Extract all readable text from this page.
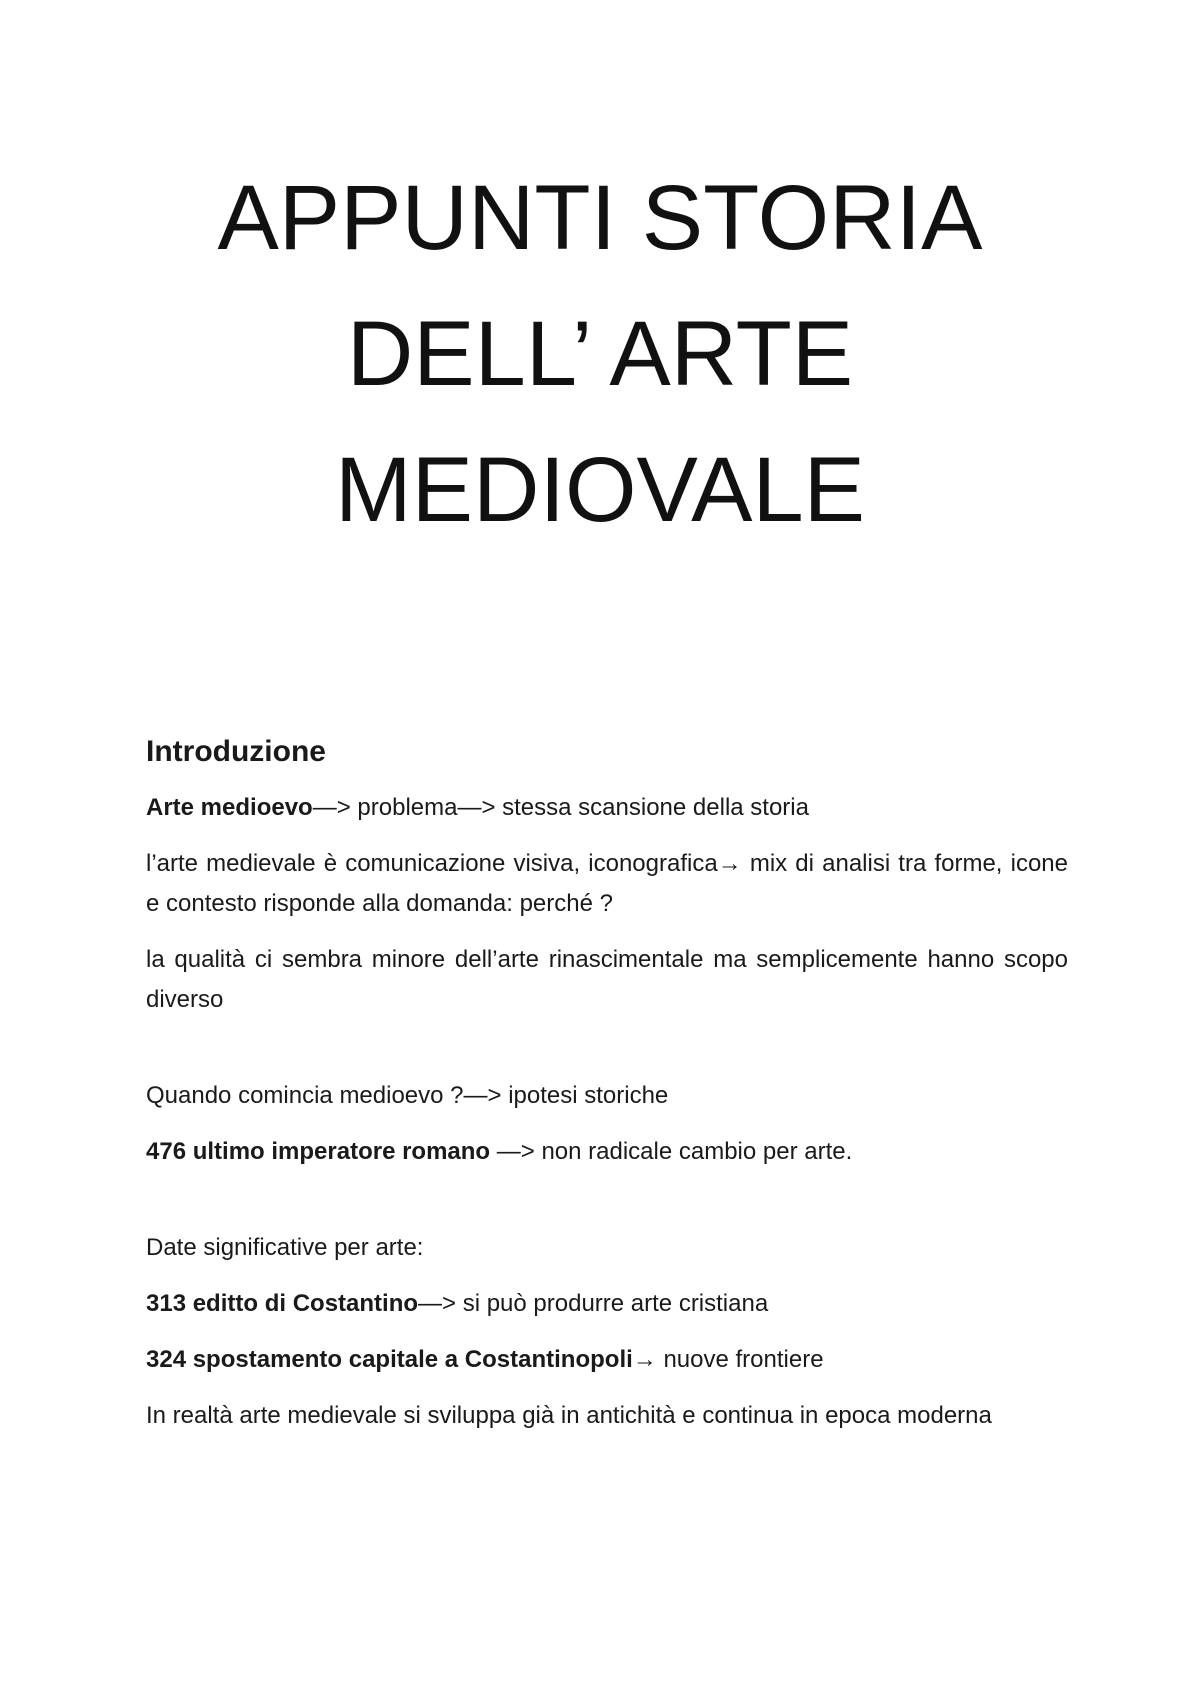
APPUNTI STORIA
DELL’ ARTE
MEDIOVALE
Introduzione

Arte medioevo—> problema—> stessa scansione della storia

l’arte medievale è comunicazione visiva, iconografica→ mix di analisi tra forme, icone e contesto risponde alla domanda: perché ?

la qualità ci sembra minore dell’arte rinascimentale ma semplicemente hanno scopo diverso

Quando comincia medioevo ?—> ipotesi storiche

476 ultimo imperatore romano —> non radicale cambio per arte.

Date significative per arte:

313 editto di Costantino—> si può produrre arte cristiana

324 spostamento capitale a Costantinopoli→ nuove frontiere

In realtà arte medievale si sviluppa già in antichità e continua in epoca moderna
